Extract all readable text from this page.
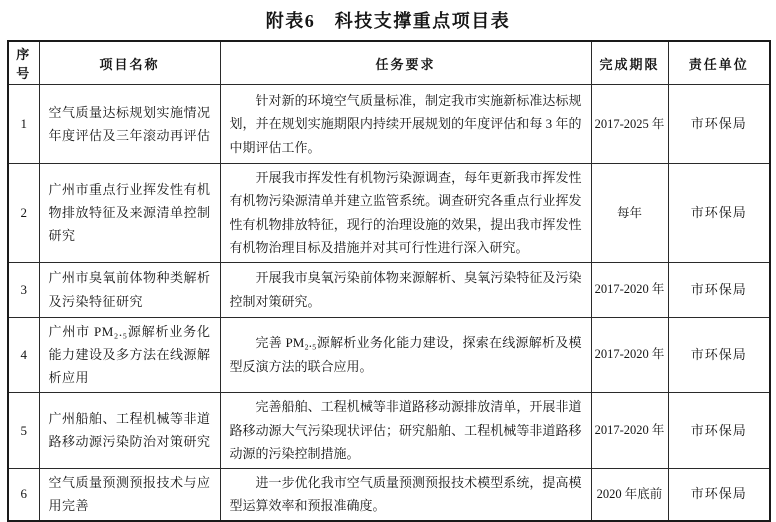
附表6　科技支撑重点项目表
序号	项目名称	任务要求	完成期限	责任单位
1	空气质量达标规划实施情况年度评估及三年滚动再评估	针对新的环境空气质量标准，制定我市实施新标准达标规划，并在规划实施期限内持续开展规划的年度评估和每 3 年的中期评估工作。	2017-2025 年	市环保局
2	广州市重点行业挥发性有机物排放特征及来源清单控制研究	开展我市挥发性有机物污染源调查，每年更新我市挥发性有机物污染源清单并建立监管系统。调查研究各重点行业挥发性有机物排放特征，现行的治理设施的效果，提出我市挥发性有机物治理目标及措施并对其可行性进行深入研究。	每年	市环保局
3	广州市臭氧前体物种类解析及污染特征研究	开展我市臭氧污染前体物来源解析、臭氧污染特征及污染控制对策研究。	2017-2020 年	市环保局
4	广州市 PM₂.₅源解析业务化能力建设及多方法在线源解析应用	完善 PM₂.₅源解析业务化能力建设，探索在线源解析及模型反演方法的联合应用。	2017-2020 年	市环保局
5	广州船舶、工程机械等非道路移动源污染防治对策研究	完善船舶、工程机械等非道路移动源排放清单，开展非道路移动源大气污染现状评估；研究船舶、工程机械等非道路移动源的污染控制措施。	2017-2020 年	市环保局
6	空气质量预测预报技术与应用完善	进一步优化我市空气质量预测预报技术模型系统，提高模型运算效率和预报准确度。	2020 年底前	市环保局
